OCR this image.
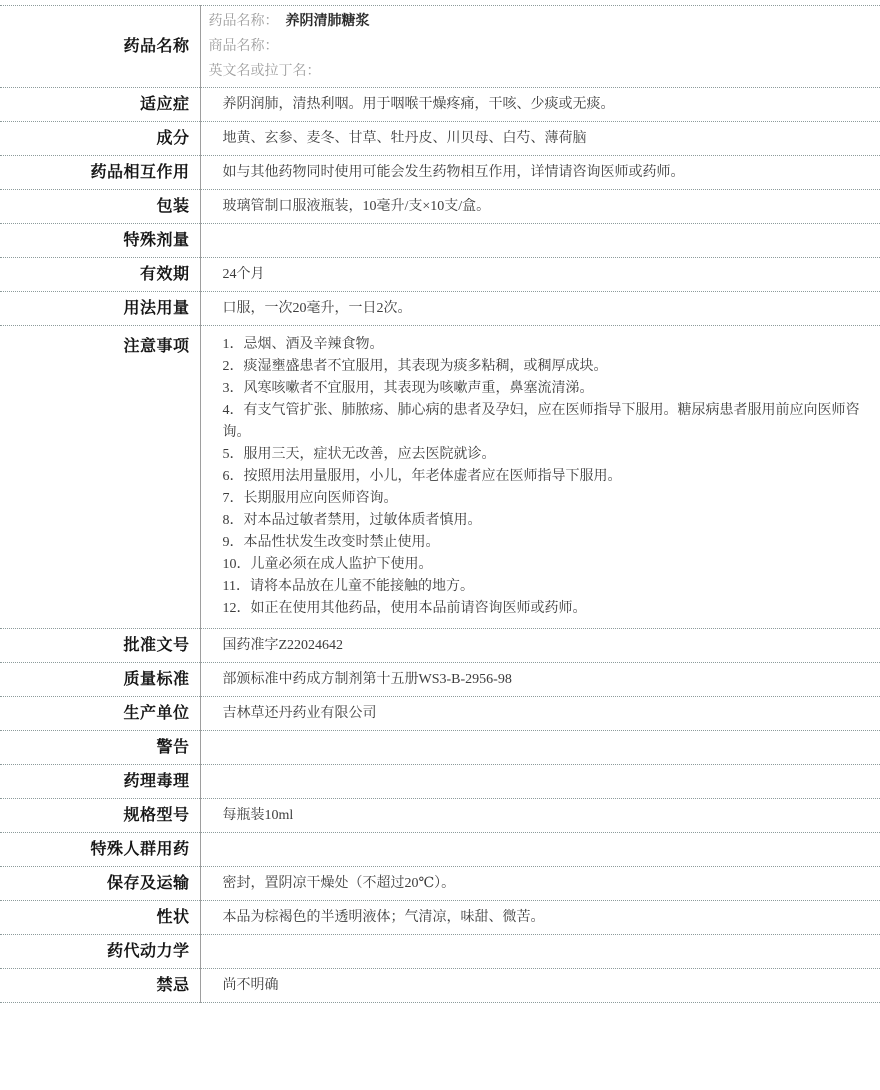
药品名称	药品名称： 养阴清肺糖浆
商品名称：
英文名或拉丁名：

适应症	养阴润肺，清热利咽。用于咽喉干燥疼痛，干咳、少痰或无痰。
成分	地黄、玄参、麦冬、甘草、牡丹皮、川贝母、白芍、薄荷脑
药品相互作用	如与其他药物同时使用可能会发生药物相互作用，详情请咨询医师或药师。
包装	玻璃管制口服液瓶装，10毫升/支×10支/盒。
特殊剂量	
有效期	24个月
用法用量	口服，一次20毫升，一日2次。
注意事项	1．忌烟、酒及辛辣食物。
2．痰湿壅盛患者不宜服用，其表现为痰多粘稠，或稠厚成块。
3．风寒咳嗽者不宜服用，其表现为咳嗽声重，鼻塞流清涕。
4．有支气管扩张、肺脓疡、肺心病的患者及孕妇，应在医师指导下服用。糖尿病患者服用前应向医师咨询。
5．服用三天，症状无改善，应去医院就诊。
6．按照用法用量服用，小儿，年老体虚者应在医师指导下服用。
7．长期服用应向医师咨询。
8．对本品过敏者禁用，过敏体质者慎用。
9．本品性状发生改变时禁止使用。
10．儿童必须在成人监护下使用。
11．请将本品放在儿童不能接触的地方。
12．如正在使用其他药品，使用本品前请咨询医师或药师。

批准文号	国药准字Z22024642
质量标准	部颁标准中药成方制剂第十五册WS3-B-2956-98
生产单位	吉林草还丹药业有限公司
警告	
药理毒理	
规格型号	每瓶装10ml
特殊人群用药	
保存及运输	密封，置阴凉干燥处（不超过20℃）。
性状	本品为棕褐色的半透明液体；气清凉，味甜、微苦。
药代动力学	
禁忌	尚不明确
